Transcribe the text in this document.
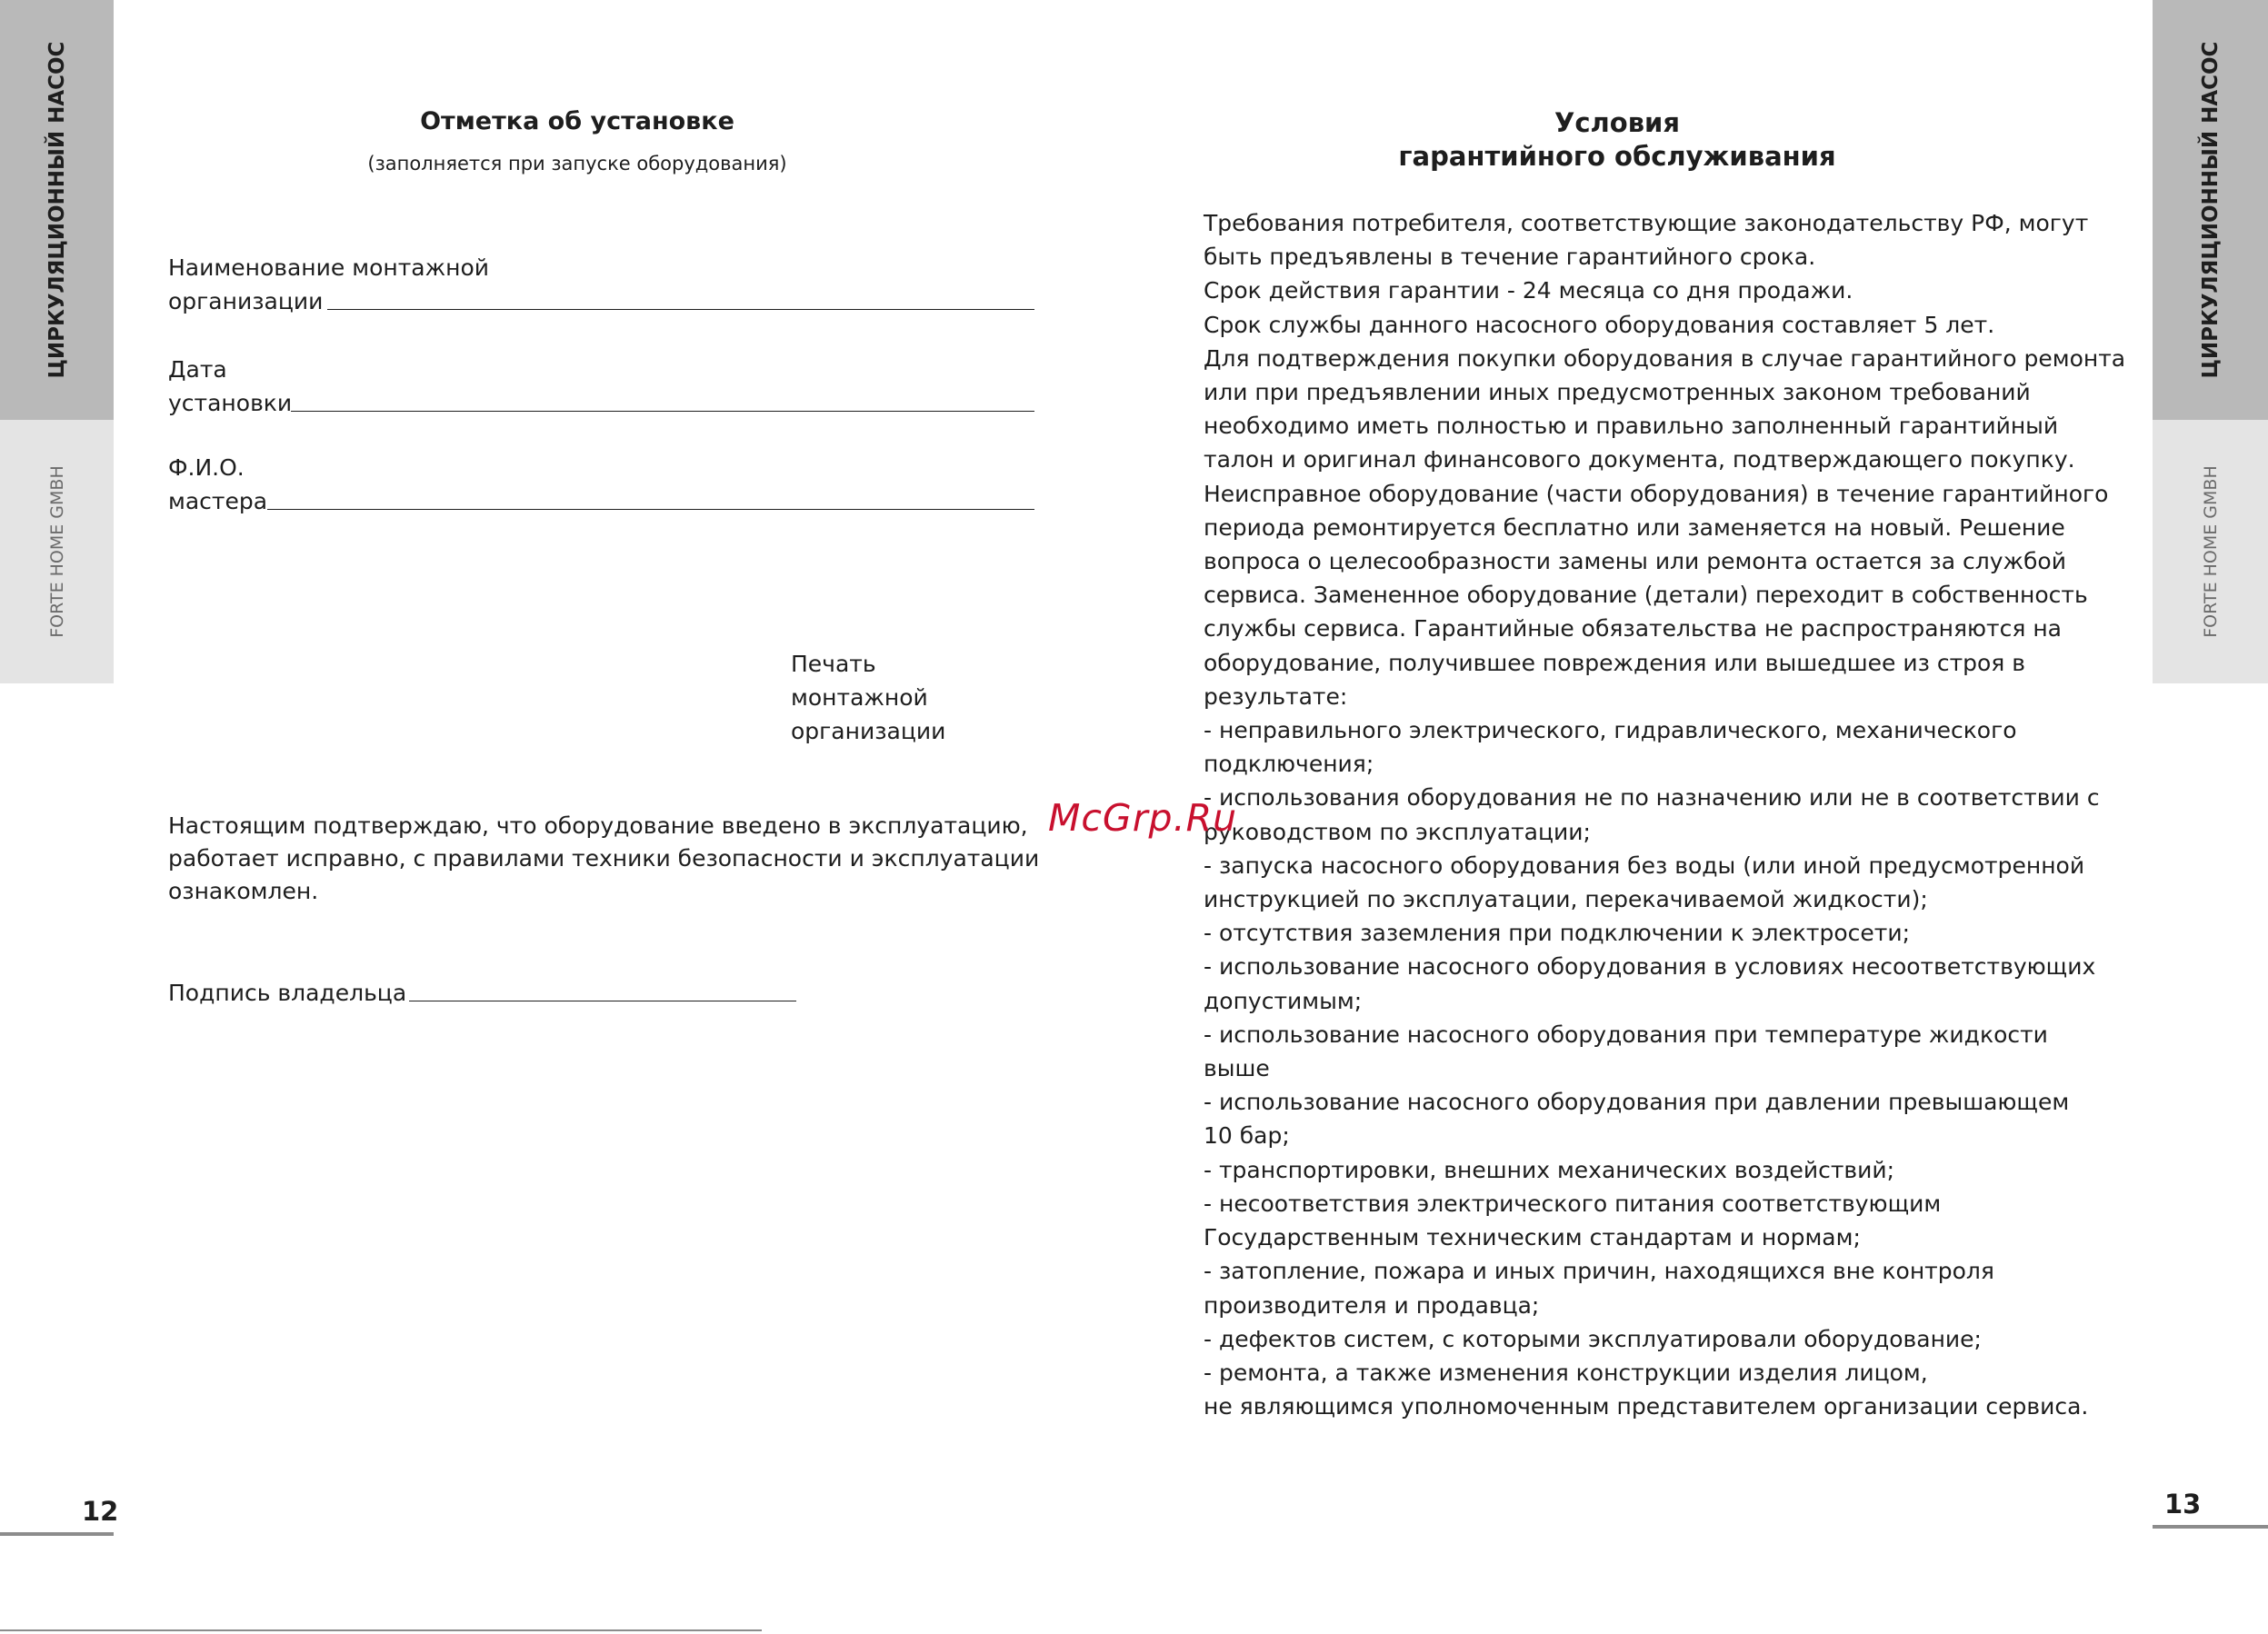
ЦИРКУЛЯЦИОННЫЙ НАСОС
FORTE HOME GMBH
ЦИРКУЛЯЦИОННЫЙ НАСОС
FORTE HOME GMBH
Отметка об установке
(заполняется при запуске оборудования)
Наименование монтажной
организации
Дата
установки
Ф.И.О.
мастера
Печать
монтажной
организации
Настоящим подтверждаю, что оборудование введено в эксплуатацию,
работает исправно, с правилами техники безопасности и эксплуатации
ознакомлен.
Подпись владельца
12
Условия
гарантийного обслуживания
Требования потребителя, соответствующие законодательству РФ, могут
быть предъявлены в течение гарантийного срока.
Срок действия гарантии - 24 месяца со дня продажи.
Срок службы данного насосного оборудования составляет 5 лет.
Для подтверждения покупки оборудования в случае гарантийного ремонта
или при предъявлении иных предусмотренных законом требований
необходимо иметь полностью и правильно заполненный гарантийный
талон и оригинал финансового документа, подтверждающего покупку.
Неисправное оборудование (части оборудования) в течение гарантийного
периода ремонтируется бесплатно или заменяется на новый. Решение
вопроса о целесообразности замены или ремонта остается за службой
сервиса. Замененное оборудование (детали) переходит в собственность
службы сервиса. Гарантийные обязательства не распространяются на
оборудование, получившее повреждения или вышедшее из строя в
результате:
- неправильного электрического, гидравлического, механического
подключения;
- использования оборудования не по назначению или не в соответствии с
руководством по эксплуатации;
- запуска насосного оборудования без воды (или иной предусмотренной
инструкцией по эксплуатации, перекачиваемой жидкости);
- отсутствия заземления при подключении к электросети;
- использование насосного оборудования в условиях несоответствующих
допустимым;
- использование насосного оборудования при температуре жидкости
выше
- использование насосного оборудования при давлении превышающем
10 бар;
- транспортировки, внешних механических воздействий;
- несоответствия электрического питания соответствующим
Государственным техническим стандартам и нормам;
- затопление, пожара и иных причин, находящихся вне контроля
производителя и продавца;
- дефектов систем, с которыми эксплуатировали оборудование;
- ремонта, а также изменения конструкции изделия лицом,
не являющимся уполномоченным представителем организации сервиса.
13
McGrp.Ru
